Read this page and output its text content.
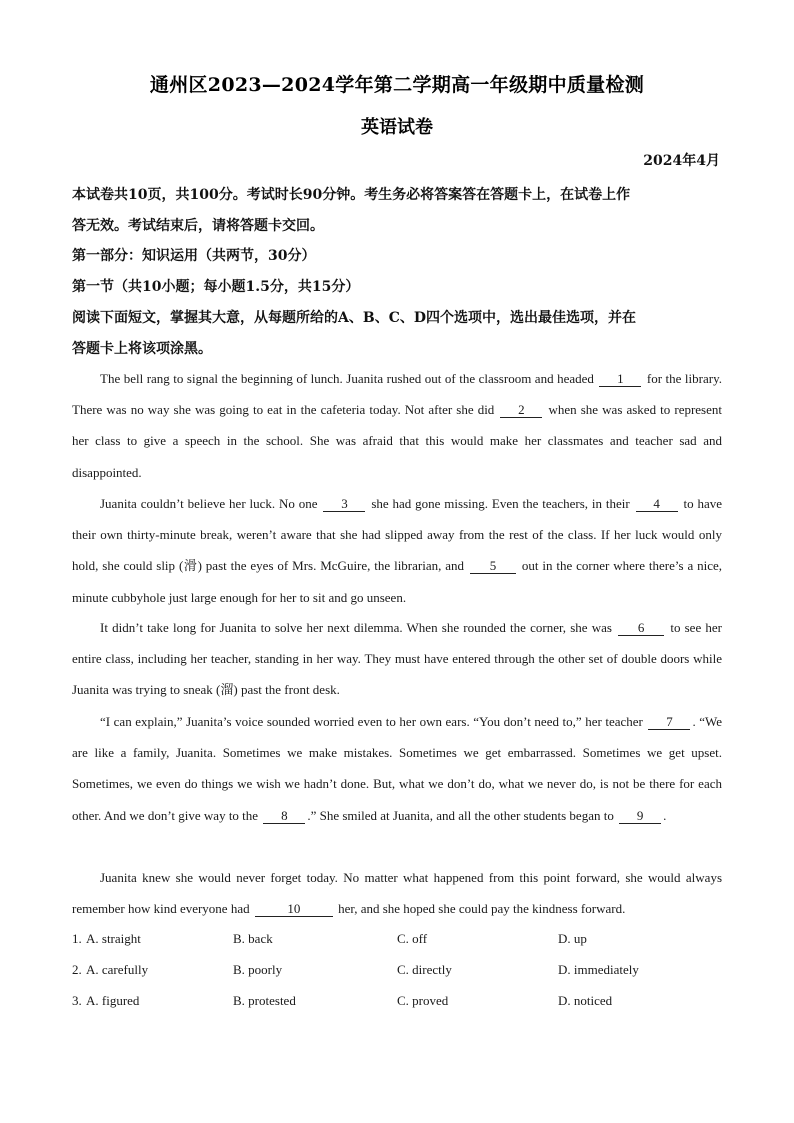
通州区2023—2024学年第二学期高一年级期中质量检测
英语试卷
2024年4月
本试卷共10页，共100分。考试时长90分钟。考生务必将答案答在答题卡上，在试卷上作
答无效。考试结束后，请将答题卡交回。
第一部分：知识运用（共两节，30分）
第一节（共10小题；每小题1.5分，共15分）
阅读下面短文，掌握其大意，从每题所给的A、B、C、D四个选项中，选出最佳选项，并在
答题卡上将该项涂黑。
The bell rang to signal the beginning of lunch. Juanita rushed out of the classroom and headed 1 for the library. There was no way she was going to eat in the cafeteria today. Not after she did 2 when she was asked to represent her class to give a speech in the school. She was afraid that this would make her classmates and teacher sad and disappointed.
Juanita couldn’t believe her luck. No one 3 she had gone missing. Even the teachers, in their 4 to have their own thirty-minute break, weren’t aware that she had slipped away from the rest of the class. If her luck would only hold, she could slip (滑) past the eyes of Mrs. McGuire, the librarian, and 5 out in the corner where there’s a nice, minute cubbyhole just large enough for her to sit and go unseen.
It didn’t take long for Juanita to solve her next dilemma. When she rounded the corner, she was 6 to see her entire class, including her teacher, standing in her way. They must have entered through the other set of double doors while Juanita was trying to sneak (溜) past the front desk.
“I can explain,” Juanita’s voice sounded worried even to her own ears. “You don’t need to,” her teacher 7 . “We are like a family, Juanita. Sometimes we make mistakes. Sometimes we get embarrassed. Sometimes we get upset. Sometimes, we even do things we wish we hadn’t done. But, what we don’t do, what we never do, is not be there for each other. And we don’t give way to the 8 .” She smiled at Juanita, and all the other students began to 9 .
Juanita knew she would never forget today. No matter what happened from this point forward, she would always remember how kind everyone had	10	her, and she hoped she could pay the kindness forward.
1. A. straight	B. back	C. off	D. up
2. A. carefully	B. poorly	C. directly	D. immediately
3. A. figured	B. protested	C. proved	D. noticed
